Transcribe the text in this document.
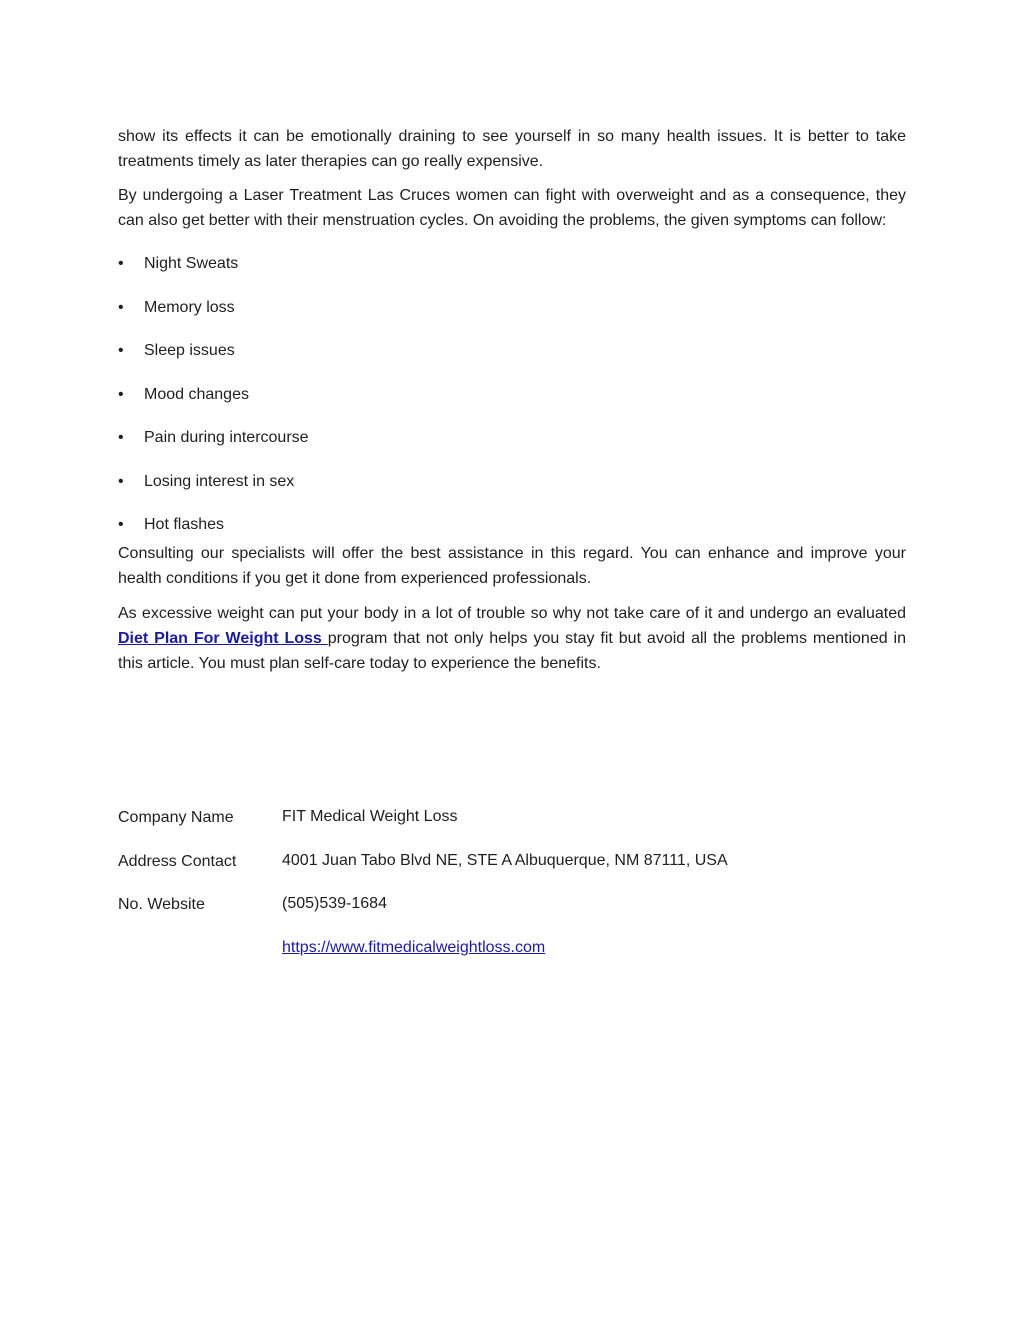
show its effects it can be emotionally draining to see yourself in so many health issues. It is better to take treatments timely as later therapies can go really expensive.

By undergoing a Laser Treatment Las Cruces women can fight with overweight and as a consequence, they can also get better with their menstruation cycles. On avoiding the problems, the given symptoms can follow:

• Night Sweats
• Memory loss
• Sleep issues
• Mood changes
• Pain during intercourse
• Losing interest in sex
• Hot flashes

Consulting our specialists will offer the best assistance in this regard. You can enhance and improve your health conditions if you get it done from experienced professionals.

As excessive weight can put your body in a lot of trouble so why not take care of it and undergo an evaluated Diet Plan For Weight Loss program that not only helps you stay fit but avoid all the problems mentioned in this article. You must plan self-care today to experience the benefits.

Company Name	FIT Medical Weight Loss
Address Contact	4001 Juan Tabo Blvd NE, STE A Albuquerque, NM 87111, USA
No. Website	(505)539-1684
https://www.fitmedicalweightloss.com
